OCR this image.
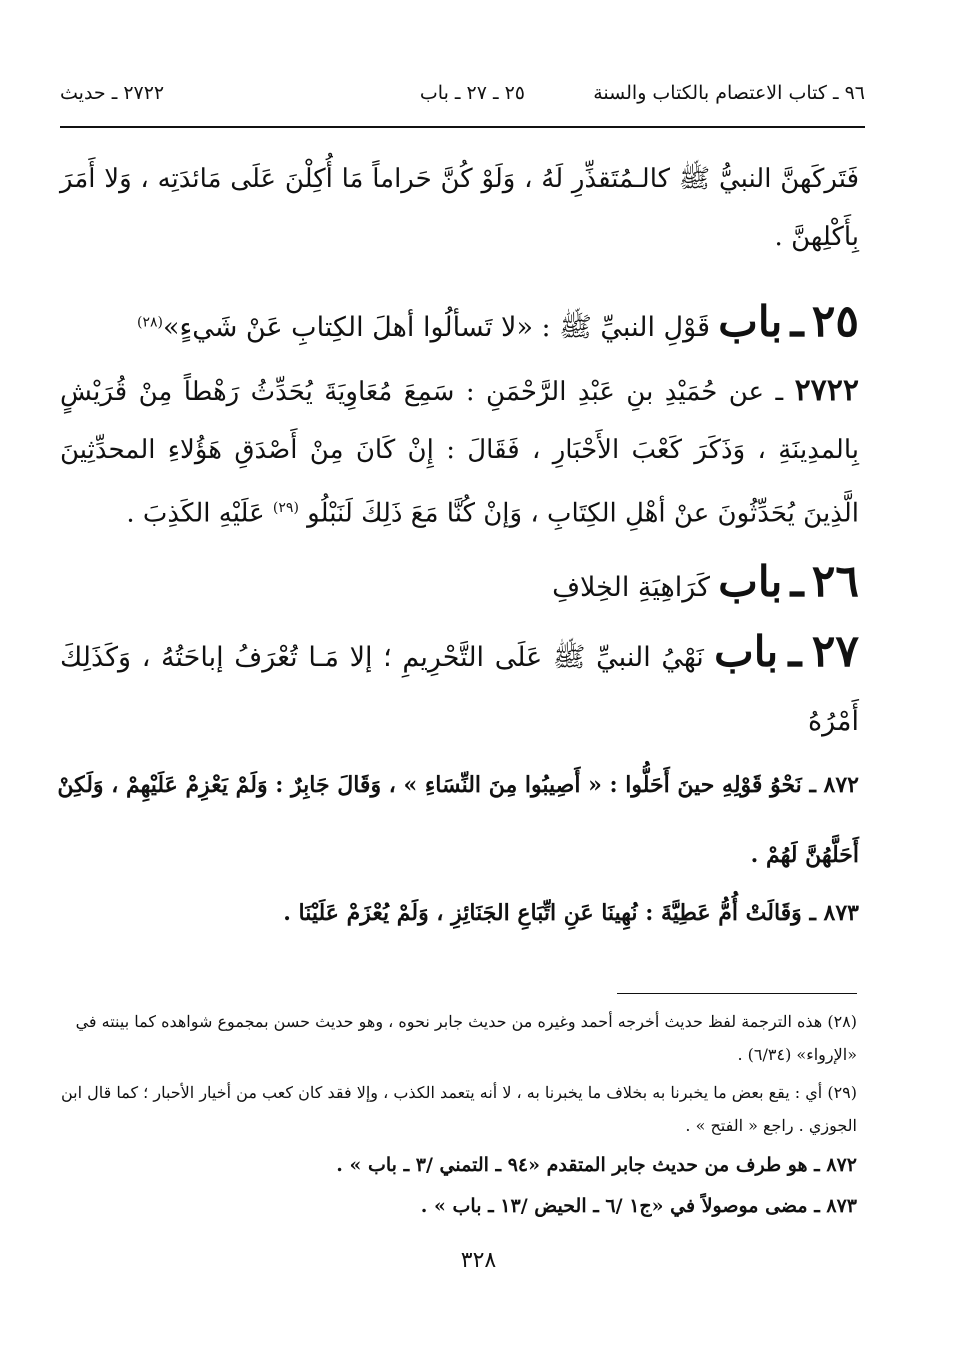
٩٦ ـ كتاب الاعتصام بالكتاب والسنة
٢٥ ـ ٢٧ ـ باب
٢٧٢٢ ـ حديث
فَتَركَهنَّ النبيُّ ﷺ كالـمُتَقذِّرِ لَهُ ، وَلَوْ كُنَّ حَراماً مَا أُكِلْنَ عَلَى مَائدَتِه ، وَلا أَمَرَ بِأَكْلِهنَّ .
٢٥ ـ باب قَوْلِ النبيِّ ﷺ : «لا تَسألُوا أهلَ الكِتابِ عَنْ شَيءٍ»$^{(٢٨)}$
٢٧٢٢ ـ عن حُمَيْدِ بنِ عَبْدِ الرَّحْمَنِ : سَمِعَ مُعَاوِيَةَ يُحَدِّثُ رَهْطاً مِنْ قُرَيْشٍ بِالمدِينَةِ ، وَذَكَرَ كَعْبَ الأَحْبَارِ ، فَقَالَ : إِنْ كَانَ مِنْ أَصْدَقِ هَؤُلاءِ المحدِّثِينَ الَّذِينَ يُحَدِّثُونَ عنْ أهْلِ الكِتَابِ ، وَإنْ كُنَّا مَعَ ذَلِكَ لَنَبْلُو $^{(٢٩)}$ عَلَيْهِ الكَذِبَ .
٢٦ ـ باب كَرَاهِيَةِ الخِلافِ
٢٧ ـ باب نَهْيُ النبيِّ ﷺ عَلَى التَّحْرِيمِ ؛ إلا مَـا تُعْرَفُ إباحَتُهُ ، وَكَذَلِكَ أَمْرُهُ
٨٧٢ ـ نَحْوُ قَوْلِهِ حينَ أَحَلُّوا : « أَصِيبُوا مِنَ النِّسَاءِ » ، وَقَالَ جَابِرٌ : وَلَمْ يَعْزِمْ عَلَيْهِمْ ، وَلَكِنْ أَحَلَّهُنَّ لَهُمْ .
٨٧٣ ـ وَقَالَتْ أُمُّ عَطِيَّةَ : نُهِينَا عَنِ اتِّبَاعِ الجَنَائِزِ ، وَلَمْ يُعْزَمْ عَلَيْنَا .
(٢٨) هذه الترجمة لفظ حديث أخرجه أحمد وغيره من حديث جابر نحوه ، وهو حديث حسن بمجموع شواهده كما بينته في «الإرواء» (٦/٣٤) .
(٢٩) أي : يقع بعض ما يخبرنا به بخلاف ما يخبرنا به ، لا أنه يتعمد الكذب ، وإلا فقد كان كعب من أخيار الأحبار ؛ كما قال ابن الجوزي . راجع « الفتح » .
٨٧٢ ـ هو طرف من حديث جابر المتقدم «٩٤ ـ التمني /٣ ـ باب » .
٨٧٣ ـ مضى موصولاً في «ج١ /٦ ـ الحيض /١٣ ـ باب » .
٣٢٨
